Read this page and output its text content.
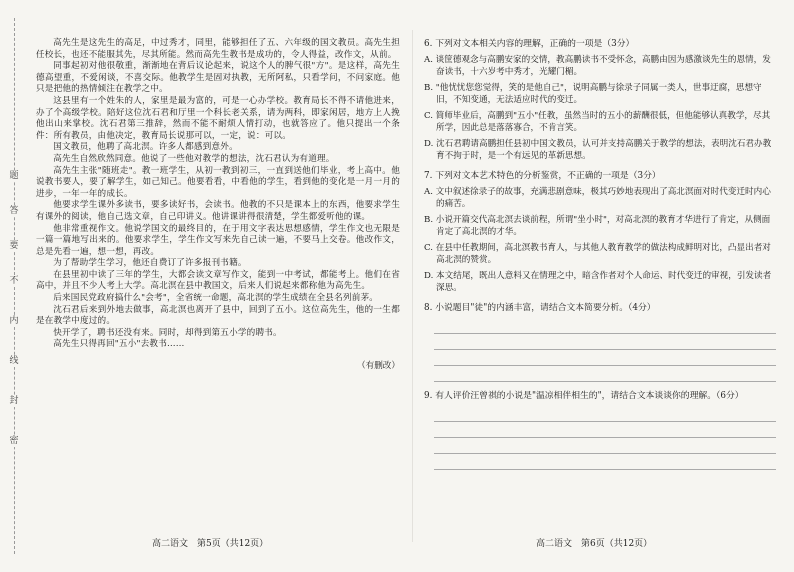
题
答
要
不
内
线
封
密

高先生是这先生的高足，中过秀才，同里，能够担任了五、六年级的国文教员。高先生担任校长，也还不能服其先，尽其所能。然而高先生教书是成功的，令人得益，改作文，从前。

同事起初对他很敬重，渐渐地在背后议论起来，说这个人的脾气很"方"。是这样，高先生德高望重，不爱闲谈，不喜交际。他教学生是固对执教，无所阿私，只看学问，不问家庭。他只是把他的热情倾注在教学之中。

这县里有一个姓朱的人，家里是最为富的，可是一心办学校。教育局长不得不请他进来，办了个高级学校。陪好这位沈石君和厅里一个科长老关系，请为两科，即家闲居，地方上人挽他出山来掌校。沈石君第三推辞，然而不能不耐烦人情打动，也就答应了。他只提出一个条件：所有教员，由他决定，教育局长说那可以，一定，说：可以。

国文教员，他聘了高北溟。许多人都感到意外。

高先生自然欣然同意。他说了一些他对教学的想法，沈石君认为有道理。

高先生主张"随班走"。教一班学生，从初一教到初三，一直到送他们毕业，考上高中。他说教书要人，要了解学生，如己知己。他要看看，中看他的学生，看到他的变化是一月一月的进步，一年一年的成长。

他要求学生课外多读书，要多读好书，会读书。他教的不只是课本上的东西，他要求学生有课外的阅读，他自己选文章，自己印讲义。他讲课讲得很清楚，学生都爱听他的课。

他非常重视作文。他说学国文的最终目的，在于用文字表达思想感情，学生作文也无限是一篇一篇地写出来的。他要求学生，学生作文写来先自己读一遍，不要马上交卷。他改作文，总是先看一遍，想一想，再改。

为了帮助学生学习，他还自费订了许多报刊书籍。

在县里初中读了三年的学生，大都会读文章写作文，能到一中考试，都能考上。他们在省高中，并且不少人考上大学。高北溟在县中教国文，后来人们说起来都称他为高先生。

后来国民党政府搞什么"会考"，全省统一命题，高北溟的学生成绩在全县名列前茅。

沈石君后来到外地去做事，高北溟也离开了县中，回到了五小。这位高先生，他的一生都是在教学中度过的。

快开学了，聘书还没有来。同时，却得到第五小学的聘书。

高先生只得再回"五小"去教书……

（有删改）

6. 下列对文本相关内容的理解，正确的一项是（3分）

A. 谈筐德观念与高鹏安家的交情，教高鹏读书不受怀念，高鹏由因为感激谈先生的恩情，发奋读书，十六岁考中秀才，光耀门楣。

B. "他忧忧您您觉得，笑的是他自己"，说明高鹏与徐录子同属一类人，世事迂腐，思想守旧，不知变通，无法适应时代的变迁。

C. 简师毕业后，高鹏到"五小"任教，虽然当时的五小的薪酬很低，但他能够认真教学，尽其所学，因此总是落落寡合，不肯言笑。

D. 沈石君聘请高鹏担任县初中国文教员，认可并支持高鹏关于教学的想法，表明沈石君办教育不拘于时，是一个有远见的革新思想。

7. 下列对文本艺术特色的分析鉴赏，不正确的一项是（3分）

A. 文中叙述徐录子的故事，充满悲剧意味，极其巧妙地表现出了高北溟面对时代变迁时内心的痛苦。

B. 小说开篇交代高北溟去谈前程，所谓"坐小时"，对高北溟的教育才华进行了肯定，从侧面肯定了高北溟的才华。

C. 在县中任教期间，高北溟教书育人，与其他人教育教学的做法构成鲜明对比，凸显出者对高北溟的赞赏。

D. 本文结尾，既出人意料又在情理之中，暗含作者对个人命运、时代变迁的审视，引发读者深思。

8. 小说题目"徒"的内涵丰富，请结合文本简要分析。（4分）

9. 有人评价汪曾祺的小说是"温凉相伴相生的"，请结合文本谈谈你的理解。（6分）

高二语文　第5页（共12页）	高二语文　第6页（共12页）
